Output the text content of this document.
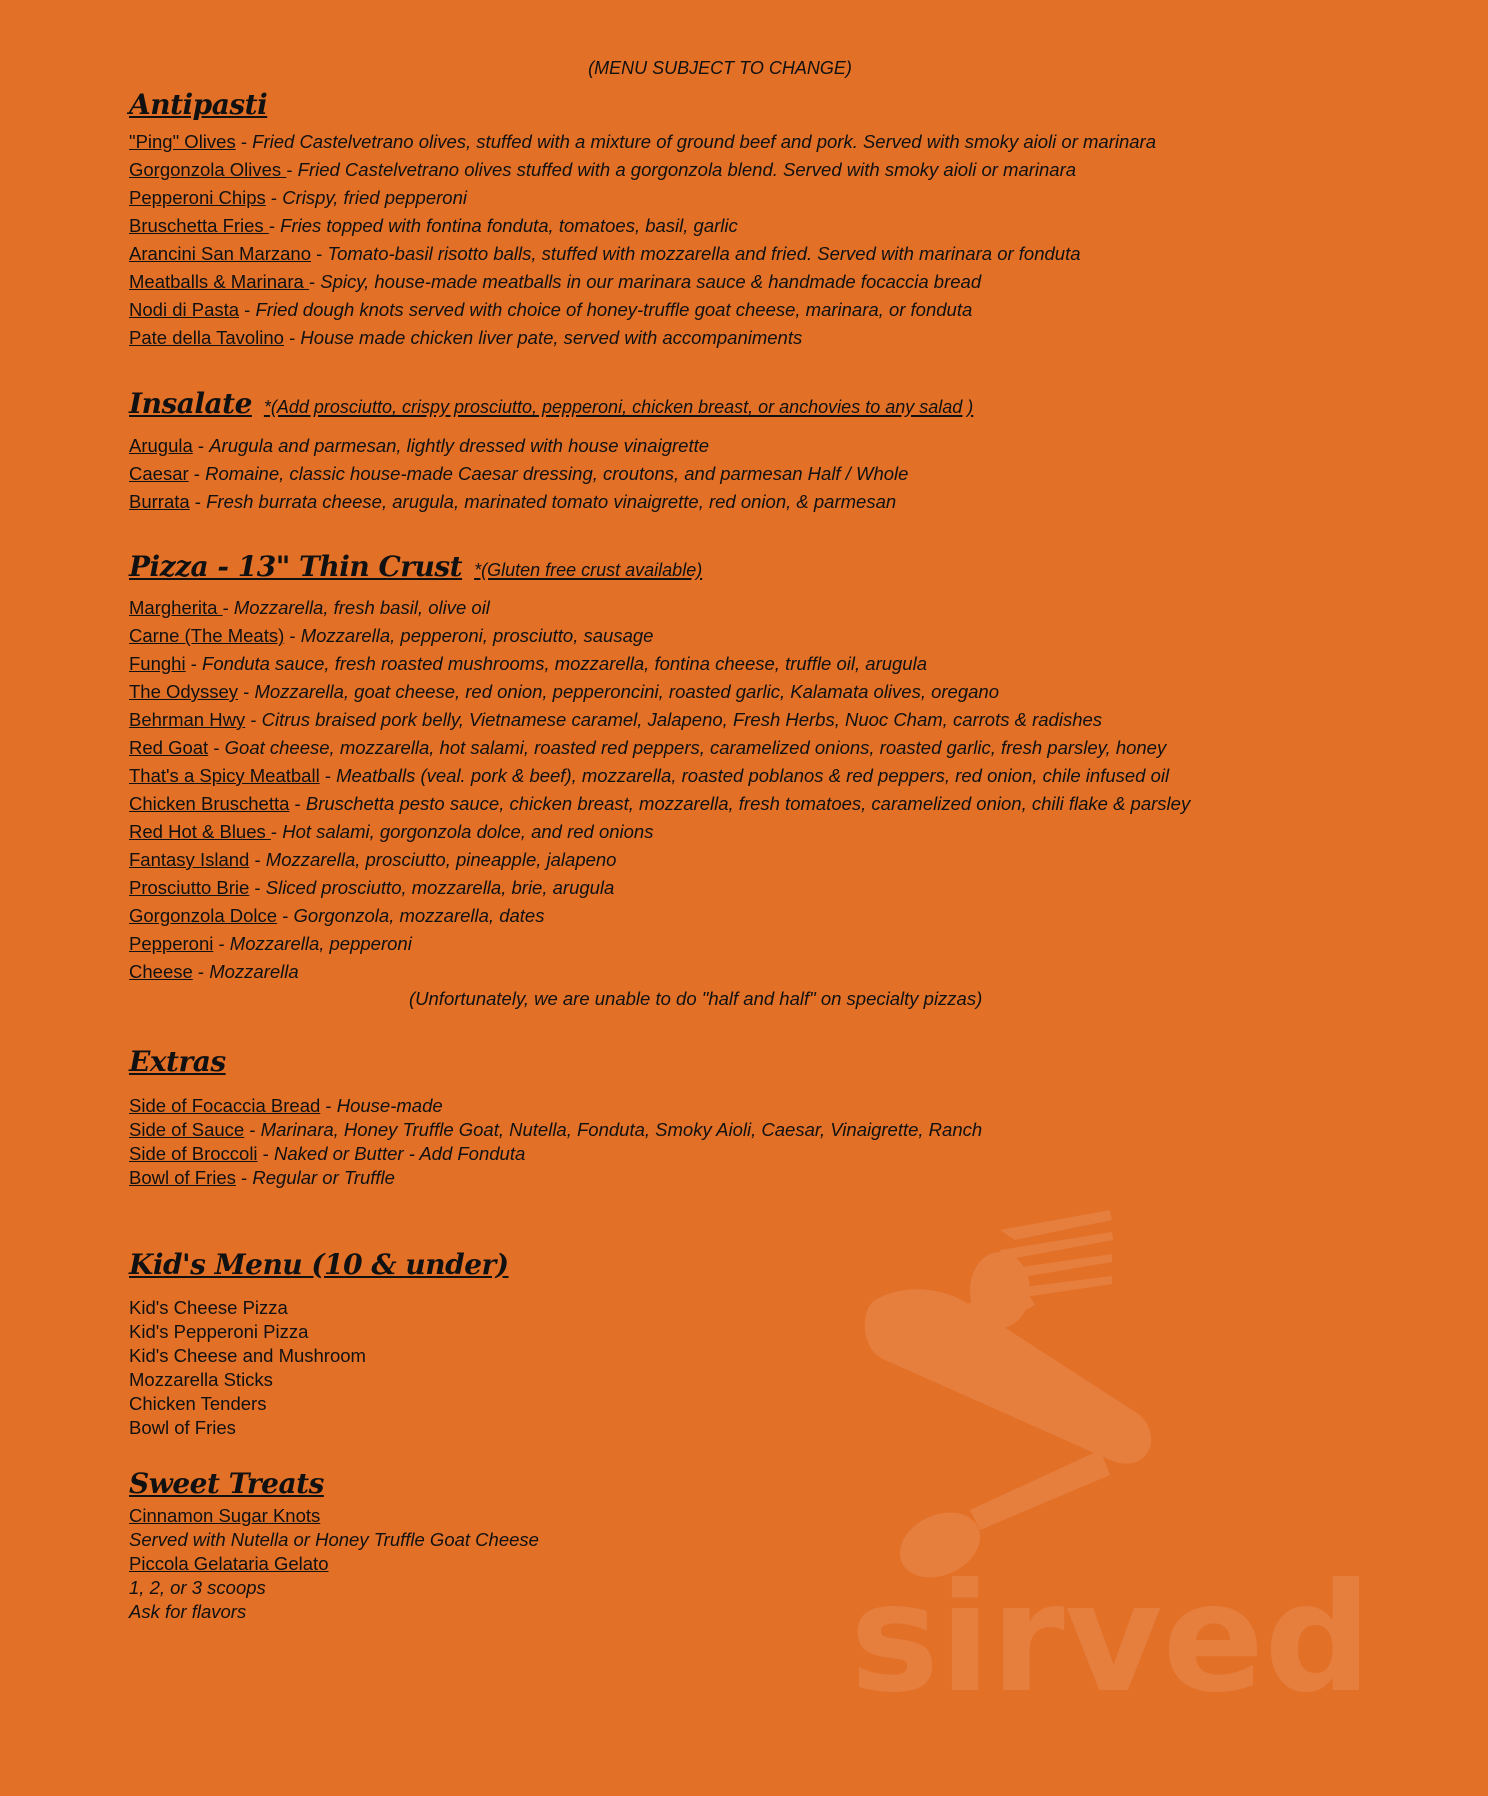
(MENU SUBJECT TO CHANGE)
Antipasti
"Ping" Olives - Fried Castelvetrano olives, stuffed with a mixture of ground beef and pork. Served with smoky aioli or marinara
Gorgonzola Olives - Fried Castelvetrano olives stuffed with a gorgonzola blend. Served with smoky aioli or marinara
Pepperoni Chips - Crispy, fried pepperoni
Bruschetta Fries - Fries topped with fontina fonduta, tomatoes, basil, garlic
Arancini San Marzano - Tomato-basil risotto balls, stuffed with mozzarella and fried. Served with marinara or fonduta
Meatballs & Marinara - Spicy, house-made meatballs in our marinara sauce & handmade focaccia bread
Nodi di Pasta - Fried dough knots served with choice of honey-truffle goat cheese, marinara, or fonduta
Pate della Tavolino - House made chicken liver pate, served with accompaniments
Insalate *(Add prosciutto, crispy prosciutto, pepperoni, chicken breast, or anchovies to any salad )
Arugula - Arugula and parmesan, lightly dressed with house vinaigrette
Caesar - Romaine, classic house-made Caesar dressing, croutons, and parmesan Half / Whole
Burrata - Fresh burrata cheese, arugula, marinated tomato vinaigrette, red onion, & parmesan
Pizza - 13" Thin Crust *(Gluten free crust available)
Margherita - Mozzarella, fresh basil, olive oil
Carne (The Meats) - Mozzarella, pepperoni, prosciutto, sausage
Funghi - Fonduta sauce, fresh roasted mushrooms, mozzarella, fontina cheese, truffle oil, arugula
The Odyssey - Mozzarella, goat cheese, red onion, pepperoncini, roasted garlic, Kalamata olives, oregano
Behrman Hwy - Citrus braised pork belly, Vietnamese caramel, Jalapeno, Fresh Herbs, Nuoc Cham, carrots & radishes
Red Goat - Goat cheese, mozzarella, hot salami, roasted red peppers, caramelized onions, roasted garlic, fresh parsley, honey
That's a Spicy Meatball - Meatballs (veal. pork & beef), mozzarella, roasted poblanos & red peppers, red onion, chile infused oil
Chicken Bruschetta - Bruschetta pesto sauce, chicken breast, mozzarella, fresh tomatoes, caramelized onion, chili flake & parsley
Red Hot & Blues - Hot salami, gorgonzola dolce, and red onions
Fantasy Island - Mozzarella, prosciutto, pineapple, jalapeno
Prosciutto Brie - Sliced prosciutto, mozzarella, brie, arugula
Gorgonzola Dolce - Gorgonzola, mozzarella, dates
Pepperoni - Mozzarella, pepperoni
Cheese - Mozzarella
(Unfortunately, we are unable to do "half and half" on specialty pizzas)
Extras
Side of Focaccia Bread - House-made
Side of Sauce - Marinara, Honey Truffle Goat, Nutella, Fonduta, Smoky Aioli, Caesar, Vinaigrette, Ranch
Side of Broccoli - Naked or Butter - Add Fonduta
Bowl of Fries - Regular or Truffle
Kid's Menu (10 & under)
Kid's Cheese Pizza
Kid's Pepperoni Pizza
Kid's Cheese and Mushroom
Mozzarella Sticks
Chicken Tenders
Bowl of Fries
Sweet Treats
Cinnamon Sugar Knots
Served with Nutella or Honey Truffle Goat Cheese
Piccola Gelataria Gelato
1, 2, or 3 scoops
Ask for flavors	sirved
